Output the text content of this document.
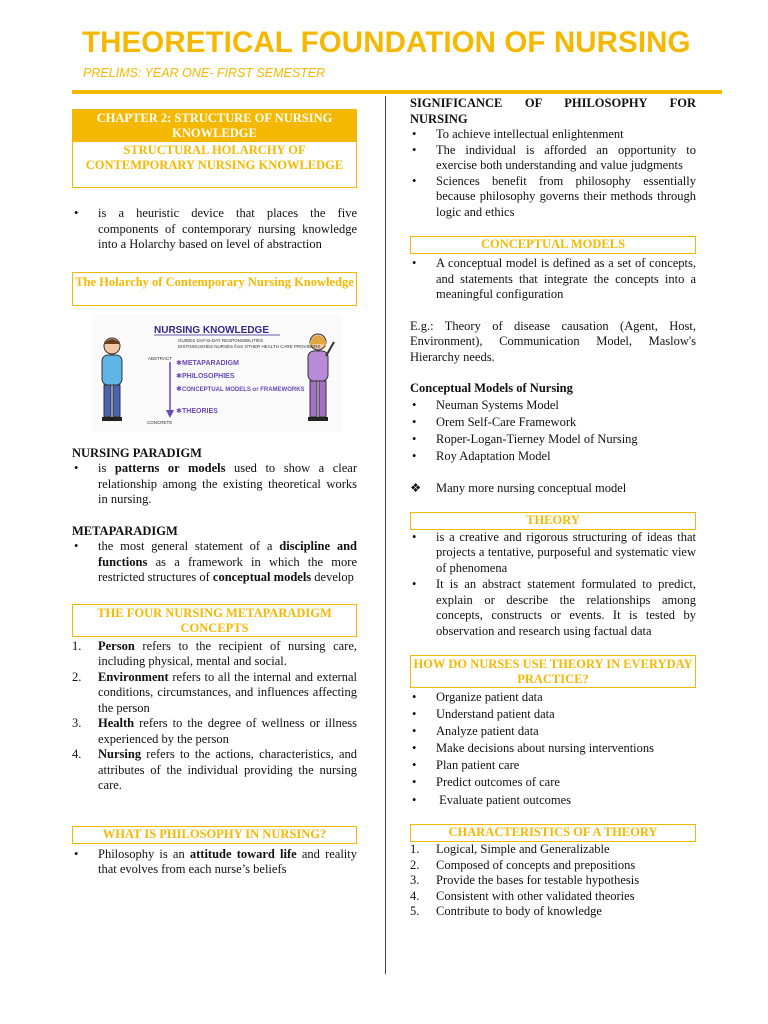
THEORETICAL FOUNDATION OF NURSING
PRELIMS: YEAR ONE- FIRST SEMESTER
CHAPTER 2: STRUCTURE OF NURSING KNOWLEDGE
STRUCTURAL HOLARCHY OF CONTEMPORARY NURSING KNOWLEDGE
• is a heuristic device that places the five components of contemporary nursing knowledge into a Holarchy based on level of abstraction
The Holarchy of Contemporary Nursing Knowledge
ABSTRACT
CONCRETE
NURSING KNOWLEDGE
GUIDES DAY-to-DAY RESPONSIBILITIES
DISTINGUISHES NURSES from OTHER HEALTH CARE PROVIDERS
METAPARADIGM
PHILOSOPHIES
CONCEPTUAL MODELS or FRAMEWORKS
THEORIES
✱
✱
✱
✱
NURSING PARADIGM
• is patterns or models used to show a clear relationship among the existing theoretical works in nursing.
METAPARADIGM
• the most general statement of a discipline and functions as a framework in which the more restricted structures of conceptual models develop
THE FOUR NURSING METAPARADIGM CONCEPTS
1. Person refers to the recipient of nursing care, including physical, mental and social.
2. Environment refers to all the internal and external conditions, circumstances, and influences affecting the person
3. Health refers to the degree of wellness or illness experienced by the person
4. Nursing refers to the actions, characteristics, and attributes of the individual providing the nursing care.
WHAT IS PHILOSOPHY IN NURSING?
• Philosophy is an attitude toward life and reality that evolves from each nurse’s beliefs
SIGNIFICANCE OF PHILOSOPHY FOR NURSING
• To achieve intellectual enlightenment
• The individual is afforded an opportunity to exercise both understanding and value judgments
• Sciences benefit from philosophy essentially because philosophy governs their methods through logic and ethics
CONCEPTUAL MODELS
• A conceptual model is defined as a set of concepts, and statements that integrate the concepts into a meaningful configuration

E.g.: Theory of disease causation (Agent, Host, Environment), Communication Model, Maslow's Hierarchy needs.

Conceptual Models of Nursing
• Neuman Systems Model
• Orem Self-Care Framework
• Roper-Logan-Tierney Model of Nursing
• Roy Adaptation Model
❖ Many more nursing conceptual model
THEORY
• is a creative and rigorous structuring of ideas that projects a tentative, purposeful and systematic view of phenomena
• It is an abstract statement formulated to predict, explain or describe the relationships among concepts, constructs or events. It is tested by observation and research using factual data
HOW DO NURSES USE THEORY IN EVERYDAY PRACTICE?
• Organize patient data
• Understand patient data
• Analyze patient data
• Make decisions about nursing interventions
• Plan patient care
• Predict outcomes of care
•  Evaluate patient outcomes
CHARACTERISTICS OF A THEORY
1. Logical, Simple and Generalizable
2. Composed of concepts and prepositions
3. Provide the bases for testable hypothesis
4. Consistent with other validated theories
5. Contribute to body of knowledge
